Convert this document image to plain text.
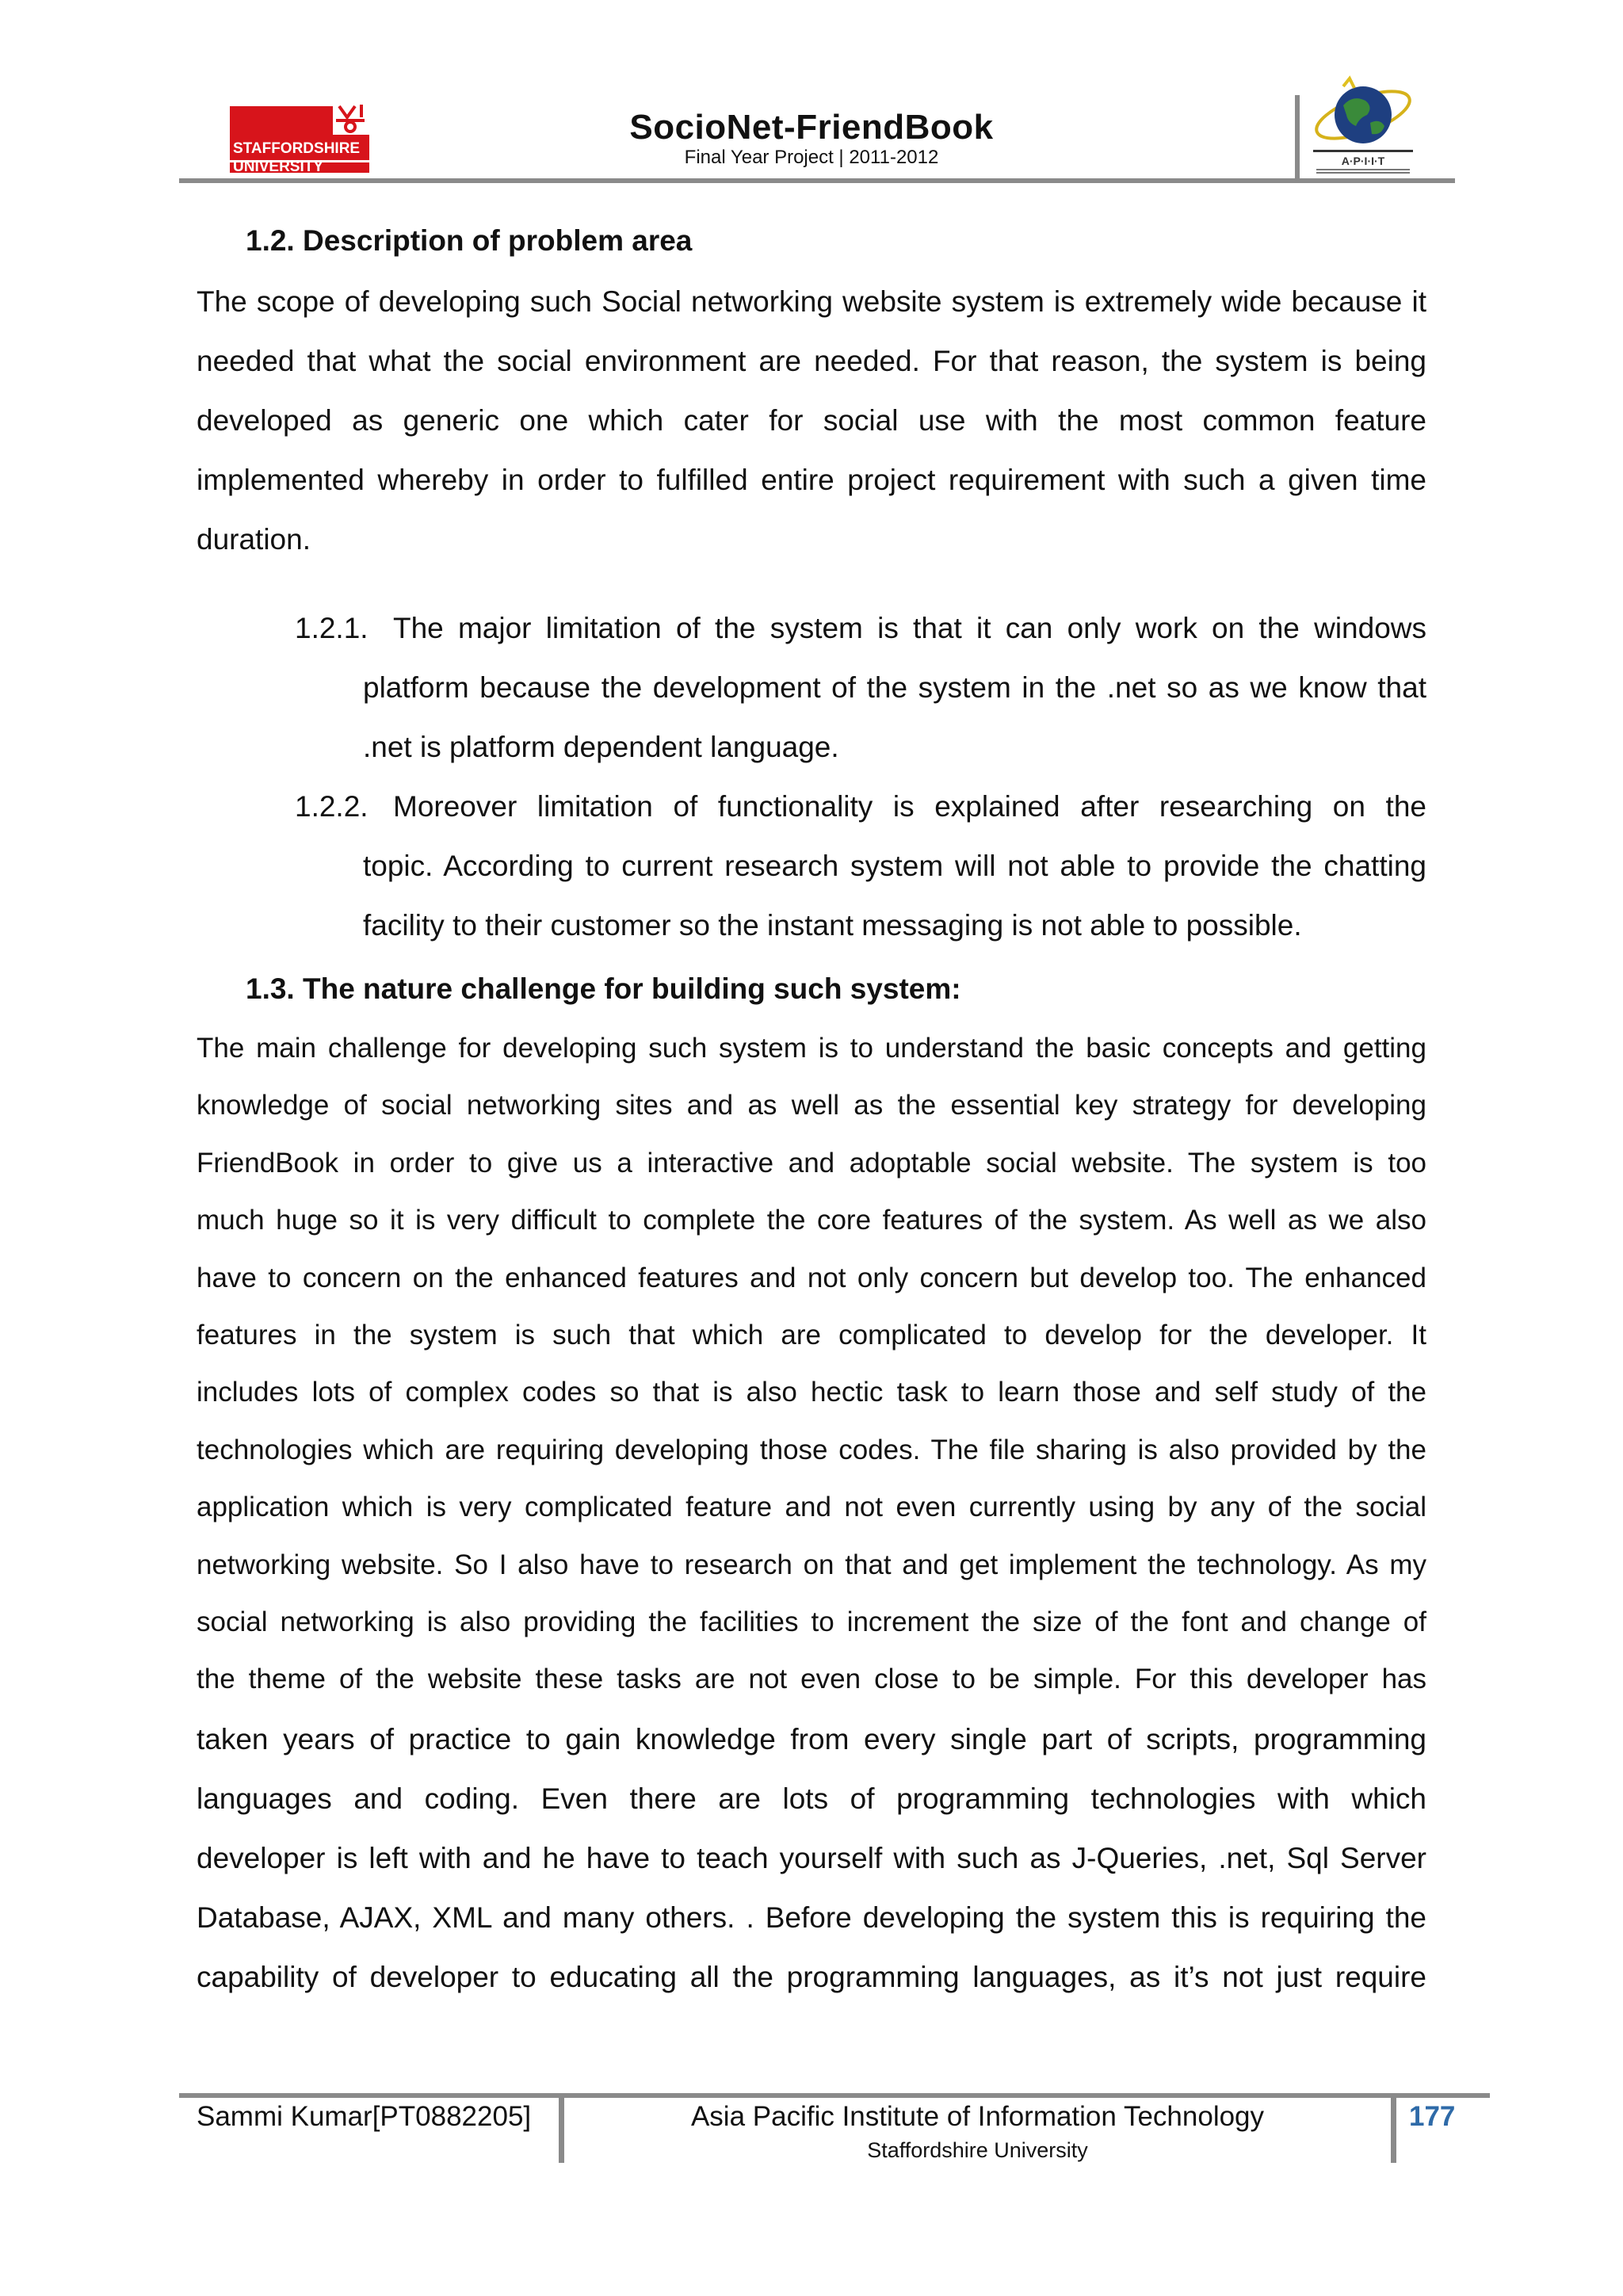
STAFFORDSHIRE
UNIVERSITY
SocioNet-FriendBook
Final Year Project | 2011-2012	A·P·I·I·T
1.2. Description of problem area
The scope of developing such Social networking website system is extremely wide because it
needed that what the social environment are needed. For that reason, the system is being
developed as generic one which cater for social use with the most common feature
implemented whereby in order to fulfilled entire project requirement with such a given time
duration.
1.2.1. The major limitation of the system is that it can only work on the windows
platform because the development of the system in the .net so as we know that
.net is platform dependent language.
1.2.2. Moreover limitation of functionality is explained after researching on the
topic. According to current research system will not able to provide the chatting
facility to their customer so the instant messaging is not able to possible.
1.3. The nature challenge for building such system:
The main challenge for developing such system is to understand the basic concepts and getting
knowledge of social networking sites and as well as the essential key strategy for developing
FriendBook in order to give us a interactive and adoptable social website. The system is too
much huge so it is very difficult to complete the core features of the system. As well as we also
have to concern on the enhanced features and not only concern but develop too. The enhanced
features in the system is such that which are complicated to develop for the developer. It
includes lots of complex codes so that is also hectic task to learn those and self study of the
technologies which are requiring developing those codes. The file sharing is also provided by the
application which is very complicated feature and not even currently using by any of the social
networking website. So I also have to research on that and get implement the technology. As my
social networking is also providing the facilities to increment the size of the font and change of
the theme of the website these tasks are not even close to be simple. For this developer has
taken years of practice to gain knowledge from every single part of scripts, programming
languages and coding. Even there are lots of programming technologies with which
developer is left with and he have to teach yourself with such as J-Queries, .net, Sql Server
Database, AJAX, XML and many others. . Before developing the system this is requiring the
capability of developer to educating all the programming languages, as it’s not just require
Sammi Kumar[PT0882205]	Asia Pacific Institute of Information Technology
Staffordshire University
177
